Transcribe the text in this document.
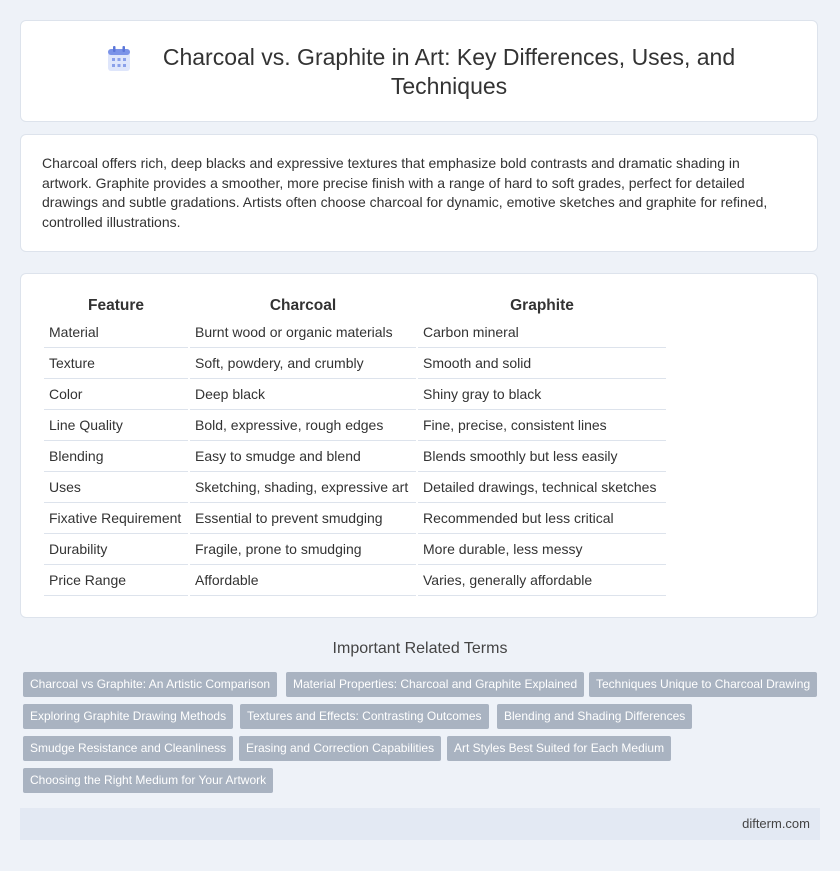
Charcoal vs. Graphite in Art: Key Differences, Uses, and Techniques

Charcoal offers rich, deep blacks and expressive textures that emphasize bold contrasts and dramatic shading in artwork. Graphite provides a smoother, more precise finish with a range of hard to soft grades, perfect for detailed drawings and subtle gradations. Artists often choose charcoal for dynamic, emotive sketches and graphite for refined, controlled illustrations.

Feature	Charcoal	Graphite
Material	Burnt wood or organic materials	Carbon mineral
Texture	Soft, powdery, and crumbly	Smooth and solid
Color	Deep black	Shiny gray to black
Line Quality	Bold, expressive, rough edges	Fine, precise, consistent lines
Blending	Easy to smudge and blend	Blends smoothly but less easily
Uses	Sketching, shading, expressive art	Detailed drawings, technical sketches
Fixative Requirement	Essential to prevent smudging	Recommended but less critical
Durability	Fragile, prone to smudging	More durable, less messy
Price Range	Affordable	Varies, generally affordable
Important Related Terms
Charcoal vs Graphite: An Artistic Comparison	Material Properties: Charcoal and Graphite Explained	Techniques Unique to Charcoal Drawing
Exploring Graphite Drawing Methods	Textures and Effects: Contrasting Outcomes	Blending and Shading Differences
Smudge Resistance and Cleanliness	Erasing and Correction Capabilities	Art Styles Best Suited for Each Medium
Choosing the Right Medium for Your Artwork
difterm.com
